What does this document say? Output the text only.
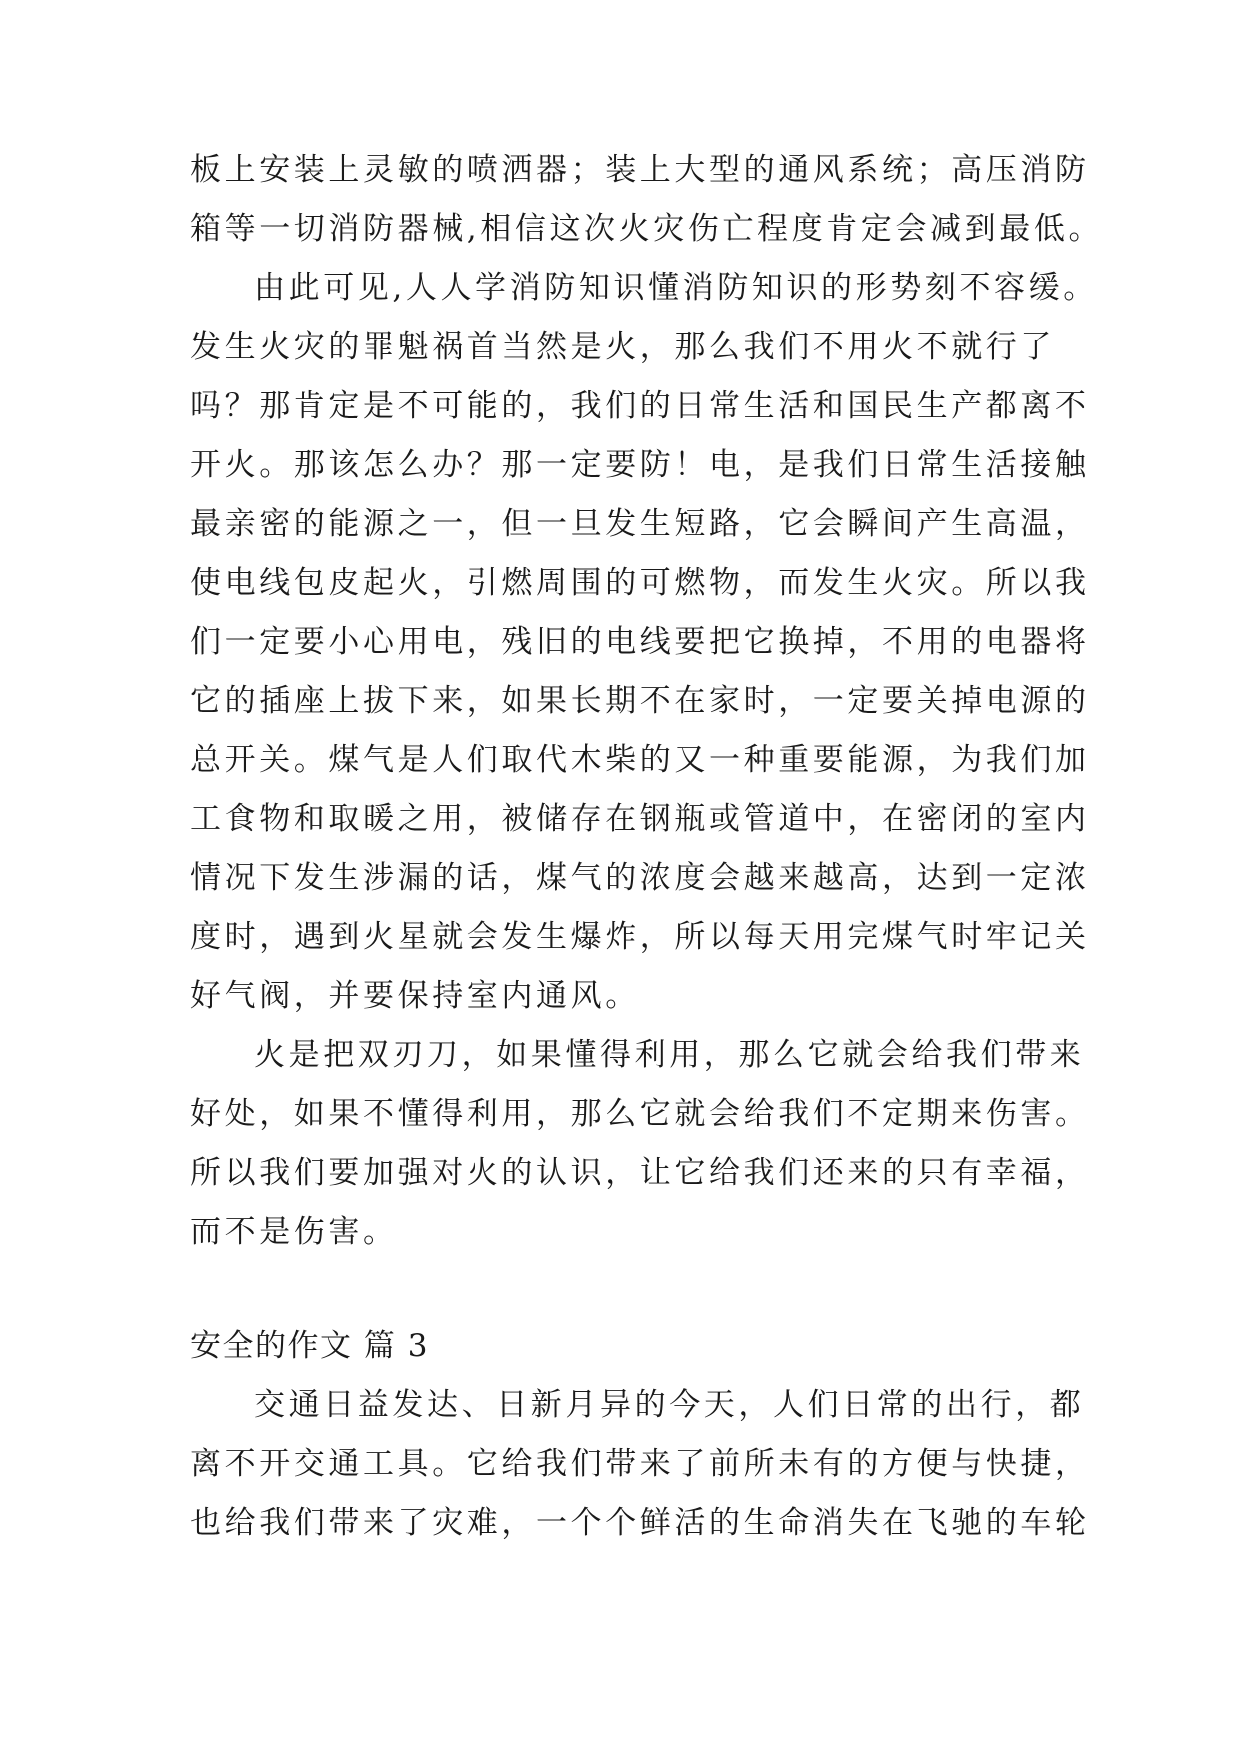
板上安装上灵敏的喷洒器；装上大型的通风系统；高压消防
箱等一切消防器械,相信这次火灾伤亡程度肯定会减到最低。
由此可见,人人学消防知识懂消防知识的形势刻不容缓。
发生火灾的罪魁祸首当然是火，那么我们不用火不就行了
吗？那肯定是不可能的，我们的日常生活和国民生产都离不
开火。那该怎么办？那一定要防！电，是我们日常生活接触
最亲密的能源之一，但一旦发生短路，它会瞬间产生高温，
使电线包皮起火，引燃周围的可燃物，而发生火灾。所以我
们一定要小心用电，残旧的电线要把它换掉，不用的电器将
它的插座上拔下来，如果长期不在家时，一定要关掉电源的
总开关。煤气是人们取代木柴的又一种重要能源，为我们加
工食物和取暖之用，被储存在钢瓶或管道中，在密闭的室内
情况下发生涉漏的话，煤气的浓度会越来越高，达到一定浓
度时，遇到火星就会发生爆炸，所以每天用完煤气时牢记关
好气阀，并要保持室内通风。
火是把双刃刀，如果懂得利用，那么它就会给我们带来
好处，如果不懂得利用，那么它就会给我们不定期来伤害。
所以我们要加强对火的认识，让它给我们还来的只有幸福，
而不是伤害。
安全的作文 篇 3
交通日益发达、日新月异的今天，人们日常的出行，都
离不开交通工具。它给我们带来了前所未有的方便与快捷，
也给我们带来了灾难，一个个鲜活的生命消失在飞驰的车轮
